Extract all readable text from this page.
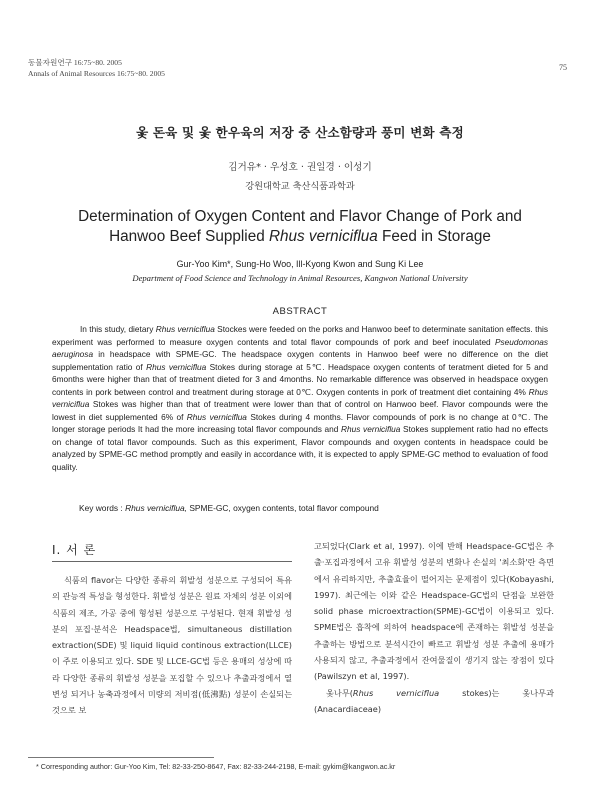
동물자원연구 16:75~80. 2005
Annals of Animal Resources 16:75~80. 2005
75
옻 돈육 및 옻 한우육의 저장 중 산소함량과 풍미 변화 측정
김거유* · 우성호 · 권일경 · 이성기
강원대학교 축산식품과학과
Determination of Oxygen Content and Flavor Change of Pork and
Hanwoo Beef Supplied Rhus verniciflua Feed in Storage
Gur-Yoo Kim*, Sung-Ho Woo, Ill-Kyong Kwon and Sung Ki Lee
Department of Food Science and Technology in Animal Resources, Kangwon National University
ABSTRACT

In this study, dietary Rhus verniciflua Stockes were feeded on the porks and Hanwoo beef to determinate sanitation effects. this experiment was performed to measure oxygen contents and total flavor compounds of pork and beef inoculated Pseudomonas aeruginosa in headspace with SPME-GC. The headspace oxygen contents in Hanwoo beef were no difference on the diet supplementation ratio of Rhus verniciflua Stokes during storage at 5℃. Headspace oxygen contents of teratment dieted for 5 and 6months were higher than that of treatment dieted for 3 and 4months. No remarkable difference was observed in headspace oxygen contents in pork between control and treatment during storage at 0℃. Oxygen contents in pork of treatment diet containing 4% Rhus verniciflua Stokes was higher than that of treatment were lower than that of control on Hanwoo beef. Flavor compounds were the lowest in diet supplemented 6% of Rhus verniciflua Stokes during 4 months. Flavor compounds of pork is no change at 0℃. The longer storage periods It had the more increasing total flavor compounds and Rhus verniciflua Stokes supplement ratio had no effects on change of total flavor compounds. Such as this experiment, Flavor compounds and oxygen contents in headspace could be analyzed by SPME-GC method promptly and easily in accordance with, it is expected to apply SPME-GC method to evaluation of food quality.

Key words : Rhus verniciflua, SPME-GC, oxygen contents, total flavor compound
Ⅰ. 서 론

식품의 flavor는 다양한 종류의 휘발성 성분으로 구성되어 특유의 관능적 특성을 형성한다. 휘발성 성분은 원료 자체의 성분 이외에 식품의 제조, 가공 중에 형성된 성분으로 구성된다. 현재 휘발성 성분의 포집·분석은 Headspace법, simultaneous distillation extraction(SDE) 및 liquid liquid continous extraction(LLCE)이 주로 이용되고 있다. SDE 및 LLCE-GC법 등은 용매의 성상에 따라 다양한 종류의 휘발성 성분을 포집할 수 있으나 추출과정에서 열변성 되거나 농축과정에서 미량의 저비점(低沸點) 성분이 손실되는 것으로 보

고되었다(Clark et al, 1997). 이에 반해 Headspace-GC법은 추출·포집과정에서 고유 휘발성 성분의 변화나 손실의 '최소화'란 측면에서 유리하지만, 추출효율이 떨어지는 문제점이 있다(Kobayashi, 1997). 최근에는 이와 같은 Headspace-GC법의 단점을 보완한 solid phase microextraction(SPME)-GC법이 이용되고 있다. SPME법은 흡착에 의하여 headspace에 존재하는 휘발성 성분을 추출하는 방법으로 분석시간이 빠르고 휘발성 성분 추출에 용매가 사용되지 않고, 추출과정에서 잔여물질이 생기지 않는 장점이 있다(Pawilszyn et al, 1997).
옻나무(Rhus verniciflua stokes)는 옻나무과(Anacardiaceae)

* Corresponding author: Gur-Yoo Kim, Tel: 82-33-250-8647, Fax: 82-33-244-2198, E-mail: gykim@kangwon.ac.kr
